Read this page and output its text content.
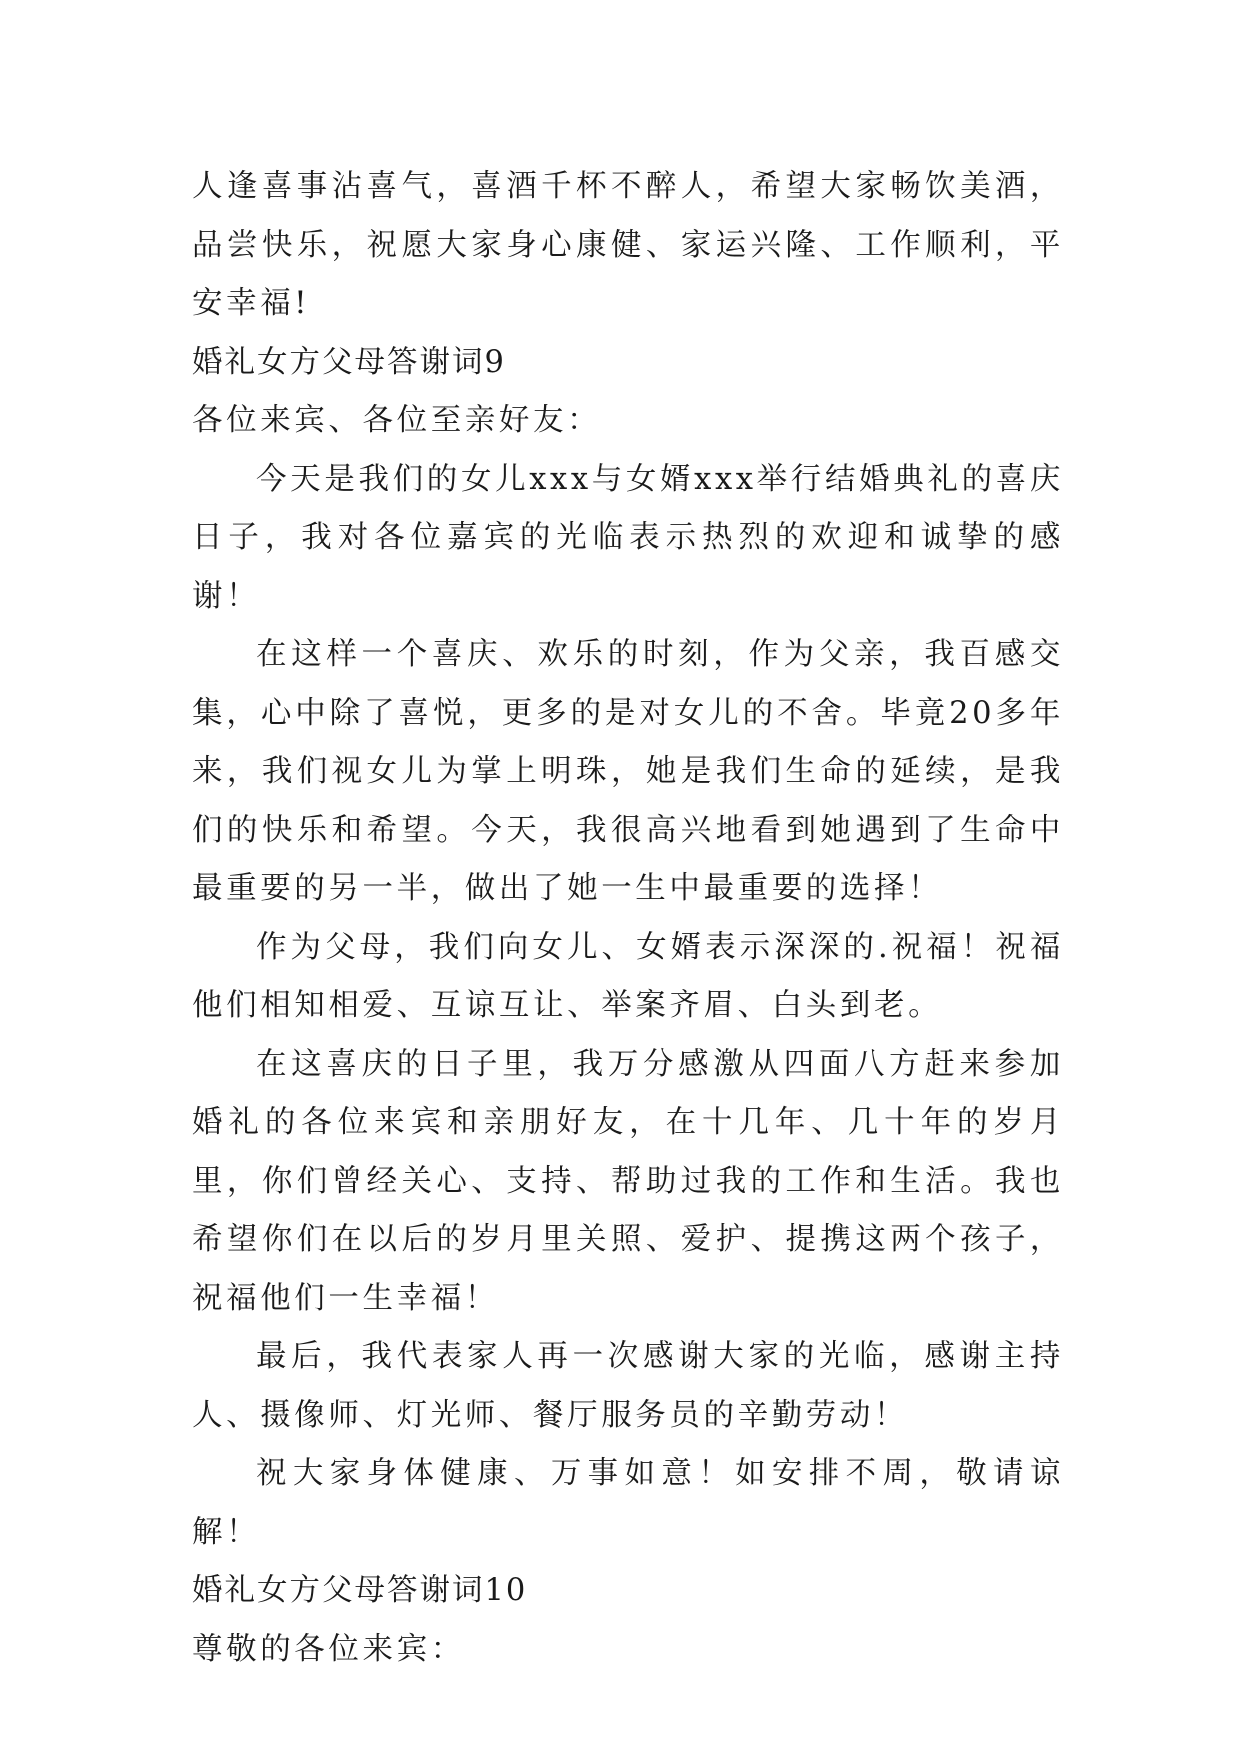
人逢喜事沾喜气，喜酒千杯不醉人，希望大家畅饮美酒，品尝快乐，祝愿大家身心康健、家运兴隆、工作顺利，平安幸福!

婚礼女方父母答谢词9

各位来宾、各位至亲好友：

今天是我们的女儿xxx与女婿xxx举行结婚典礼的喜庆日子，我对各位嘉宾的光临表示热烈的欢迎和诚挚的感谢！

在这样一个喜庆、欢乐的时刻，作为父亲，我百感交集，心中除了喜悦，更多的是对女儿的不舍。毕竟20多年来，我们视女儿为掌上明珠，她是我们生命的延续，是我们的快乐和希望。今天，我很高兴地看到她遇到了生命中最重要的另一半，做出了她一生中最重要的选择！

作为父母，我们向女儿、女婿表示深深的.祝福！祝福他们相知相爱、互谅互让、举案齐眉、白头到老。

在这喜庆的日子里，我万分感激从四面八方赶来参加婚礼的各位来宾和亲朋好友，在十几年、几十年的岁月里，你们曾经关心、支持、帮助过我的工作和生活。我也希望你们在以后的岁月里关照、爱护、提携这两个孩子，祝福他们一生幸福！

最后，我代表家人再一次感谢大家的光临，感谢主持人、摄像师、灯光师、餐厅服务员的辛勤劳动！

祝大家身体健康、万事如意！如安排不周，敬请谅解！

婚礼女方父母答谢词10

尊敬的各位来宾：
